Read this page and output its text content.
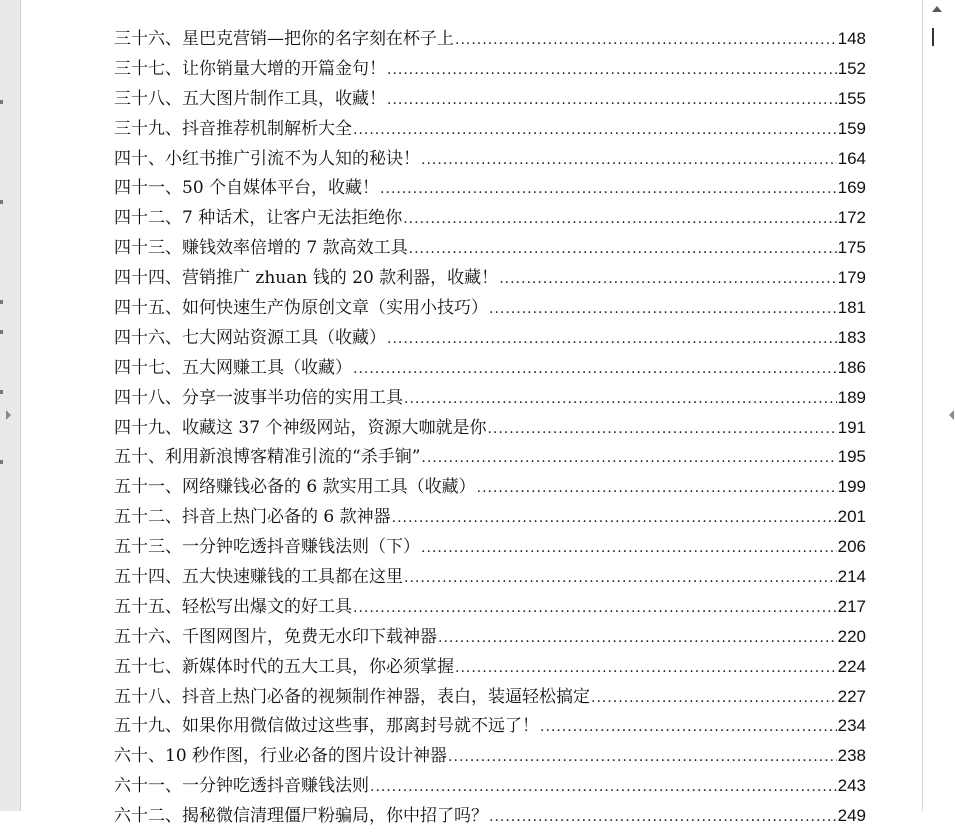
三十六、星巴克营销—把你的名字刻在杯子上 .....	148
三十七、让你销量大增的开篇金句！ .....	152
三十八、五大图片制作工具，收藏！ .....	155
三十九、抖音推荐机制解析大全 .....	159
四十、小红书推广引流不为人知的秘诀！ .....	164
四十一、50 个自媒体平台，收藏！ .....	169
四十二、7 种话术，让客户无法拒绝你 .....	172
四十三、赚钱效率倍增的 7 款高效工具 .....	175
四十四、营销推广 zhuan 钱的 20 款利器，收藏！ .....	179
四十五、如何快速生产伪原创文章（实用小技巧） .....	181
四十六、七大网站资源工具（收藏） .....	183
四十七、五大网赚工具（收藏） .....	186
四十八、分享一波事半功倍的实用工具 .....	189
四十九、收藏这 37 个神级网站，资源大咖就是你 .....	191
五十、利用新浪博客精准引流的“杀手锏” .....	195
五十一、网络赚钱必备的 6 款实用工具（收藏） .....	199
五十二、抖音上热门必备的 6 款神器 .....	201
五十三、一分钟吃透抖音赚钱法则（下） .....	206
五十四、五大快速赚钱的工具都在这里 .....	214
五十五、轻松写出爆文的好工具 .....	217
五十六、千图网图片，免费无水印下载神器 .....	220
五十七、新媒体时代的五大工具，你必须掌握 .....	224
五十八、抖音上热门必备的视频制作神器，表白，装逼轻松搞定 .....	227
五十九、如果你用微信做过这些事，那离封号就不远了！ .....	234
六十、10 秒作图，行业必备的图片设计神器 .....	238
六十一、一分钟吃透抖音赚钱法则 .....	243
六十二、揭秘微信清理僵尸粉骗局，你中招了吗？ .....	249
